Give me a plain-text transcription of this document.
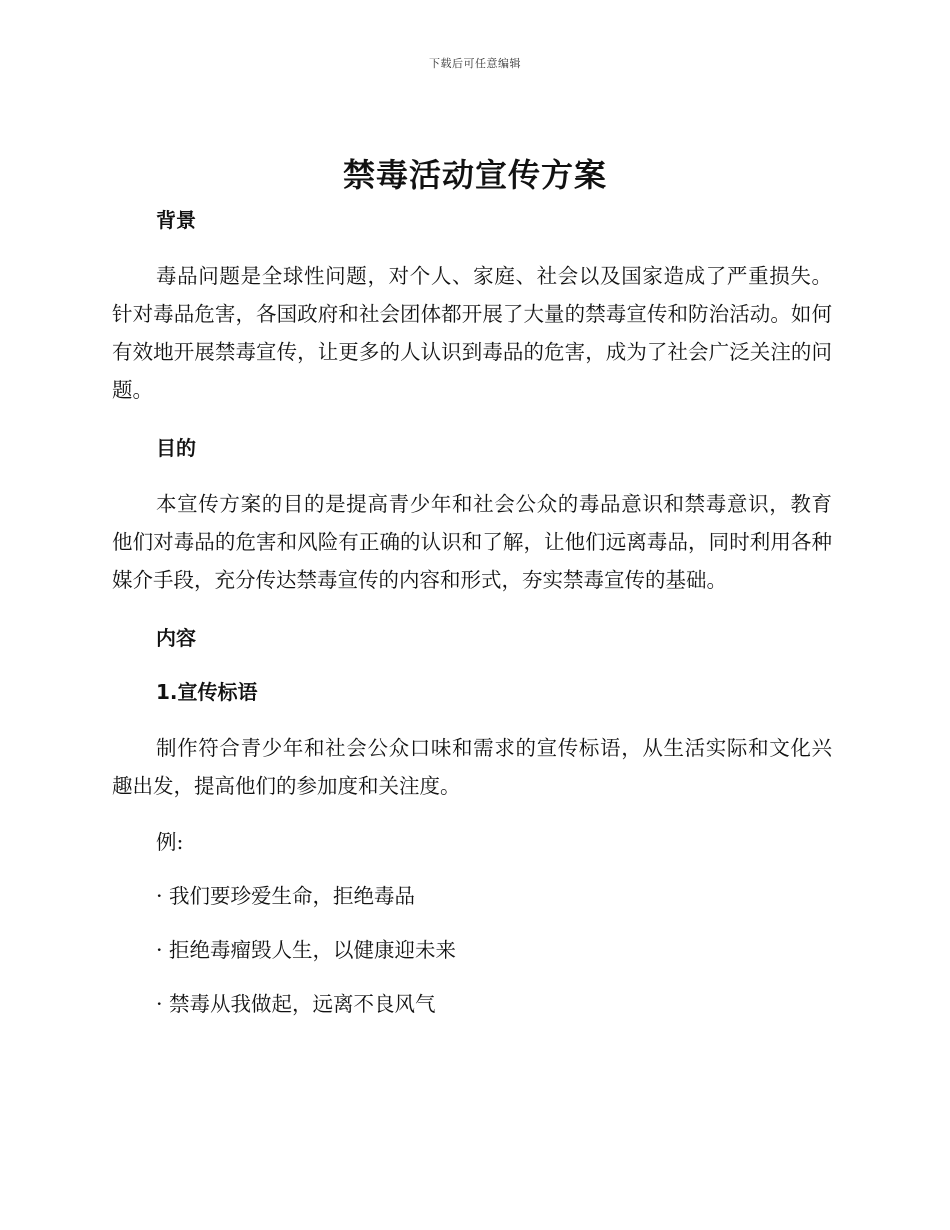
下载后可任意编辑
禁毒活动宣传方案

背景

毒品问题是全球性问题，对个人、家庭、社会以及国家造成了严重损失。针对毒品危害，各国政府和社会团体都开展了大量的禁毒宣传和防治活动。如何有效地开展禁毒宣传，让更多的人认识到毒品的危害，成为了社会广泛关注的问题。

目的

本宣传方案的目的是提高青少年和社会公众的毒品意识和禁毒意识，教育他们对毒品的危害和风险有正确的认识和了解，让他们远离毒品，同时利用各种媒介手段，充分传达禁毒宣传的内容和形式，夯实禁毒宣传的基础。

内容

1.宣传标语

制作符合青少年和社会公众口味和需求的宣传标语，从生活实际和文化兴趣出发，提高他们的参加度和关注度。

例:

· 我们要珍爱生命，拒绝毒品

· 拒绝毒瘤毁人生，以健康迎未来

· 禁毒从我做起，远离不良风气
